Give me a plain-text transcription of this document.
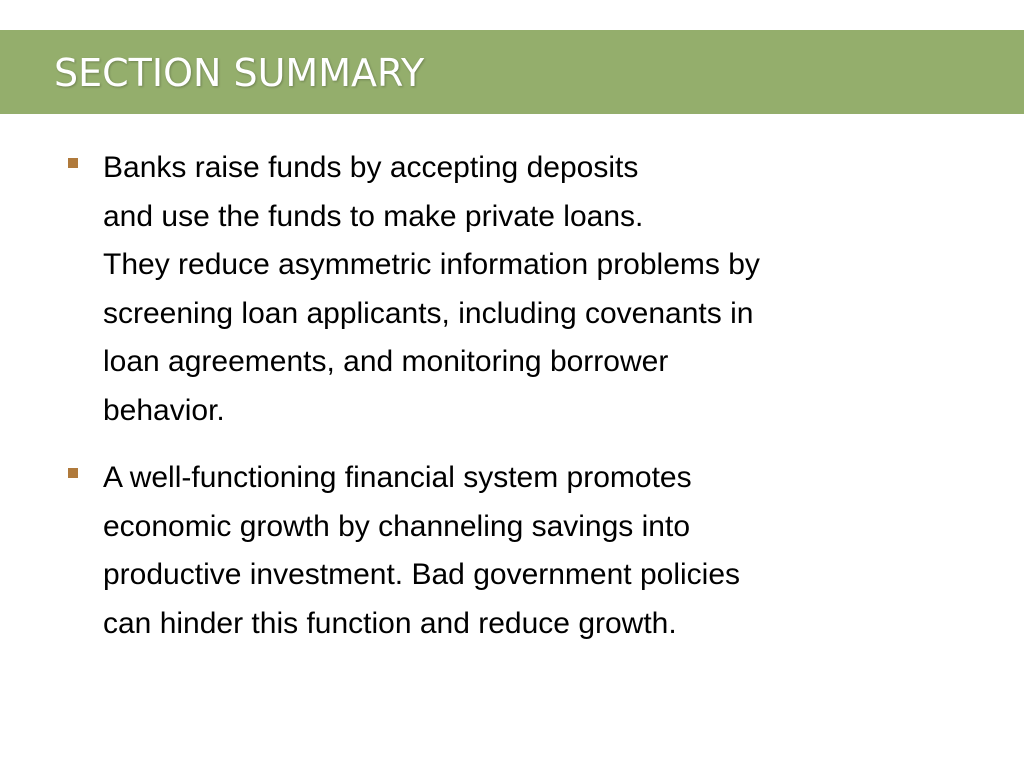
SECTION SUMMARY
Banks raise funds by accepting deposits
and use the funds to make private loans.
They reduce asymmetric information problems by
screening loan applicants, including covenants in
loan agreements, and monitoring borrower
behavior.
A well-functioning financial system promotes
economic growth by channeling savings into
productive investment. Bad government policies
can hinder this function and reduce growth.
